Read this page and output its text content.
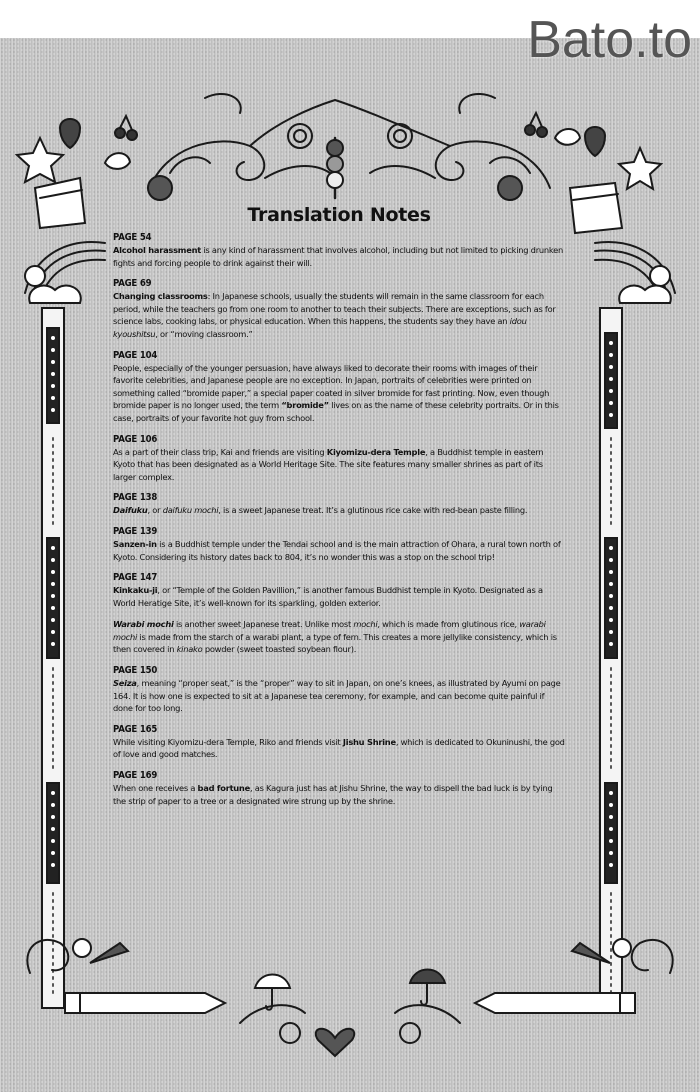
Bato.to
Translation Notes
PAGE 54

Alcohol harassment is any kind of harassment that involves alcohol, including but not limited to picking drunken fights and forcing people to drink against their will.

PAGE 69

Changing classrooms: In Japanese schools, usually the students will remain in the same classroom for each period, while the teachers go from one room to another to teach their subjects. There are exceptions, such as for science labs, cooking labs, or physical education. When this happens, the students say they have an idou kyoushitsu, or “moving classroom.”

PAGE 104

People, especially of the younger persuasion, have always liked to decorate their rooms with images of their favorite celebrities, and Japanese people are no exception. In Japan, portraits of celebrities were printed on something called “bromide paper,” a special paper coated in silver bromide for fast printing. Now, even though bromide paper is no longer used, the term “bromide” lives on as the name of these celebrity portraits. Or in this case, portraits of your favorite hot guy from school.

PAGE 106

As a part of their class trip, Kai and friends are visiting Kiyomizu-dera Temple, a Buddhist temple in eastern Kyoto that has been designated as a World Heritage Site. The site features many smaller shrines as part of its larger complex.

PAGE 138

Daifuku, or daifuku mochi, is a sweet Japanese treat. It’s a glutinous rice cake with red-bean paste filling.

PAGE 139

Sanzen-in is a Buddhist temple under the Tendai school and is the main attraction of Ohara, a rural town north of Kyoto. Considering its history dates back to 804, it’s no wonder this was a stop on the school trip!

PAGE 147

Kinkaku-ji, or “Temple of the Golden Pavillion,” is another famous Buddhist temple in Kyoto. Designated as a World Heratige Site, it’s well-known for its sparkling, golden exterior.

Warabi mochi is another sweet Japanese treat. Unlike most mochi, which is made from glutinous rice, warabi mochi is made from the starch of a warabi plant, a type of fern. This creates a more jellylike consistency, which is then covered in kinako powder (sweet toasted soybean flour).

PAGE 150

Seiza, meaning “proper seat,” is the “proper” way to sit in Japan, on one’s knees, as illustrated by Ayumi on page 164. It is how one is expected to sit at a Japanese tea ceremony, for example, and can become quite painful if done for too long.

PAGE 165

While visiting Kiyomizu-dera Temple, Riko and friends visit Jishu Shrine, which is dedicated to Okuninushi, the god of love and good matches.

PAGE 169

When one receives a bad fortune, as Kagura just has at Jishu Shrine, the way to dispell the bad luck is by tying the strip of paper to a tree or a designated wire strung up by the shrine.
